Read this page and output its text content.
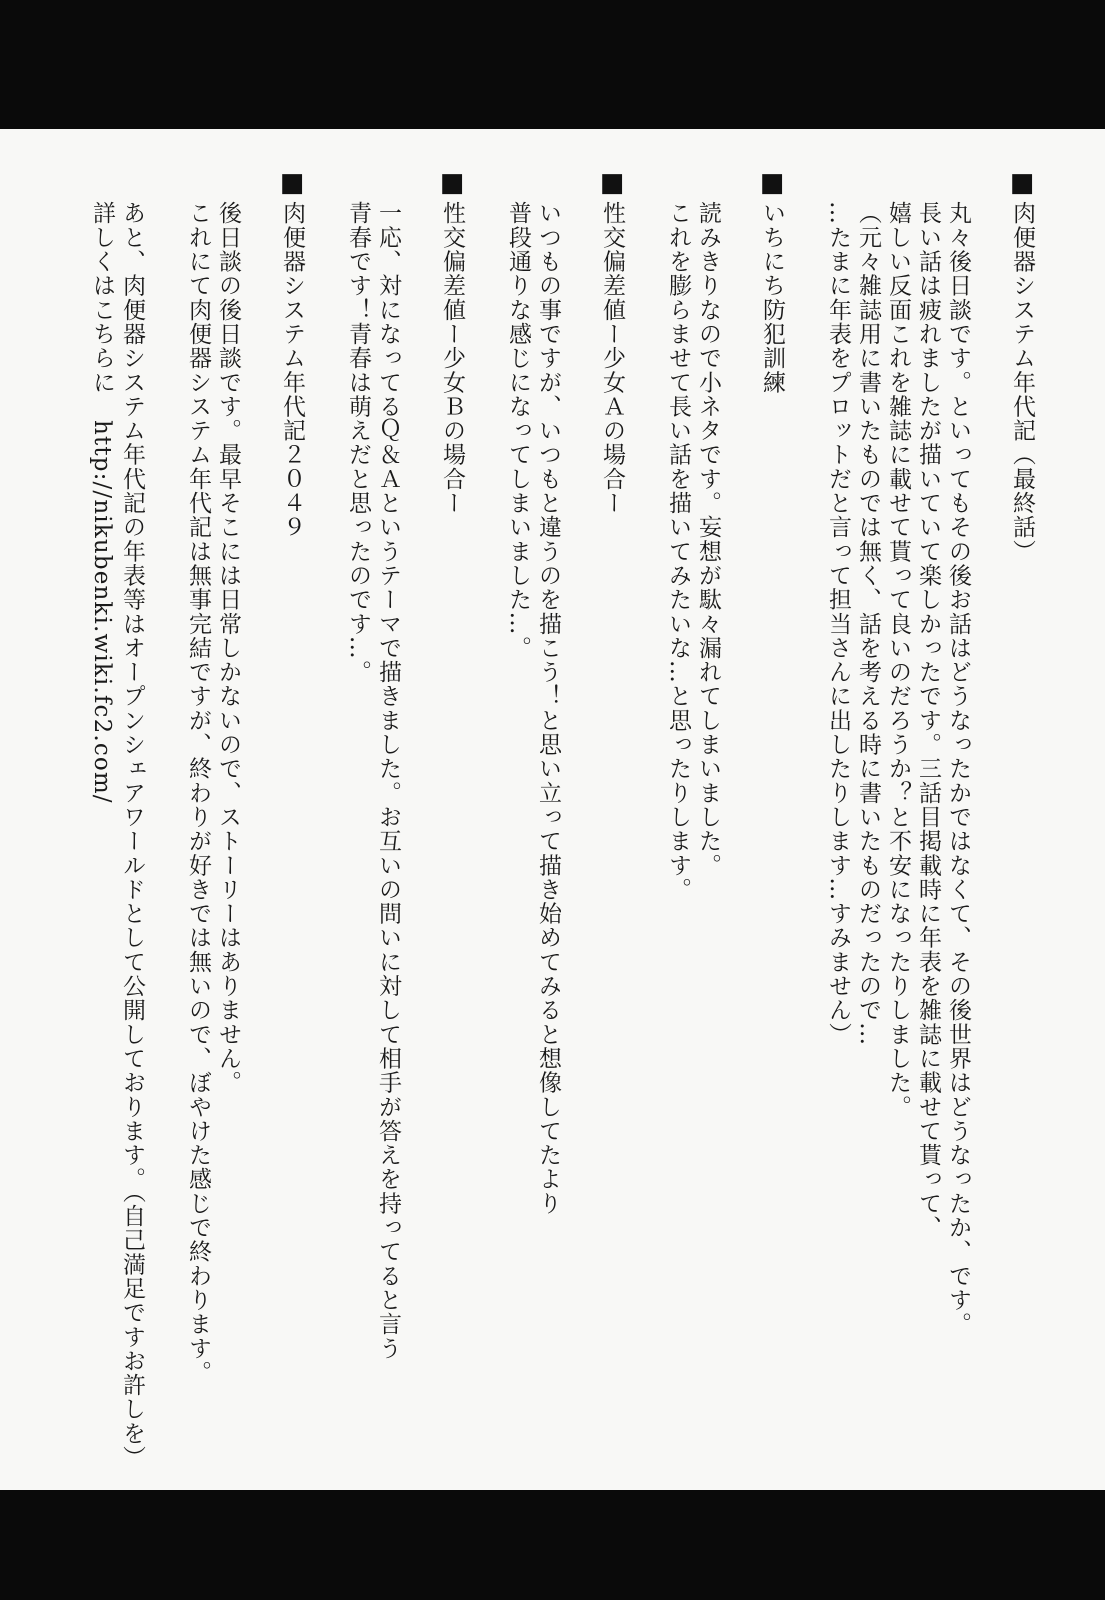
■肉便器システム年代記（最終話）

丸々後日談です。といってもその後お話はどうなったかではなくて、その後世界はどうなったか、です。

長い話は疲れましたが描いていて楽しかったです。三話目掲載時に年表を雑誌に載せて貰って、

嬉しい反面これを雑誌に載せて貰って良いのだろうか？と不安になったりしました。

（元々雑誌用に書いたものでは無く、話を考える時に書いたものだったので…

…たまに年表をプロットだと言って担当さんに出したりします…すみません）

■いちにち防犯訓練

読みきりなので小ネタです。妄想が駄々漏れてしまいました。

これを膨らませて長い話を描いてみたいな…と思ったりします。

■性交偏差値ー少女Ａの場合ー

いつもの事ですが、いつもと違うのを描こう！と思い立って描き始めてみると想像してたより

普段通りな感じになってしまいました…。

■性交偏差値ー少女Ｂの場合ー

一応、対になってるＱ＆Ａというテーマで描きました。お互いの問いに対して相手が答えを持ってると言う

青春です！青春は萌えだと思ったのです…。

■肉便器システム年代記２０４９

後日談の後日談です。最早そこには日常しかないので、ストーリーはありません。

これにて肉便器システム年代記は無事完結ですが、終わりが好きでは無いので、ぼやけた感じで終わります。

あと、肉便器システム年代記の年表等はオープンシェアワールドとして公開しております。（自己満足ですお許しを）

詳しくはこちらにhttp://nikubenki.wiki.fc2.com/
